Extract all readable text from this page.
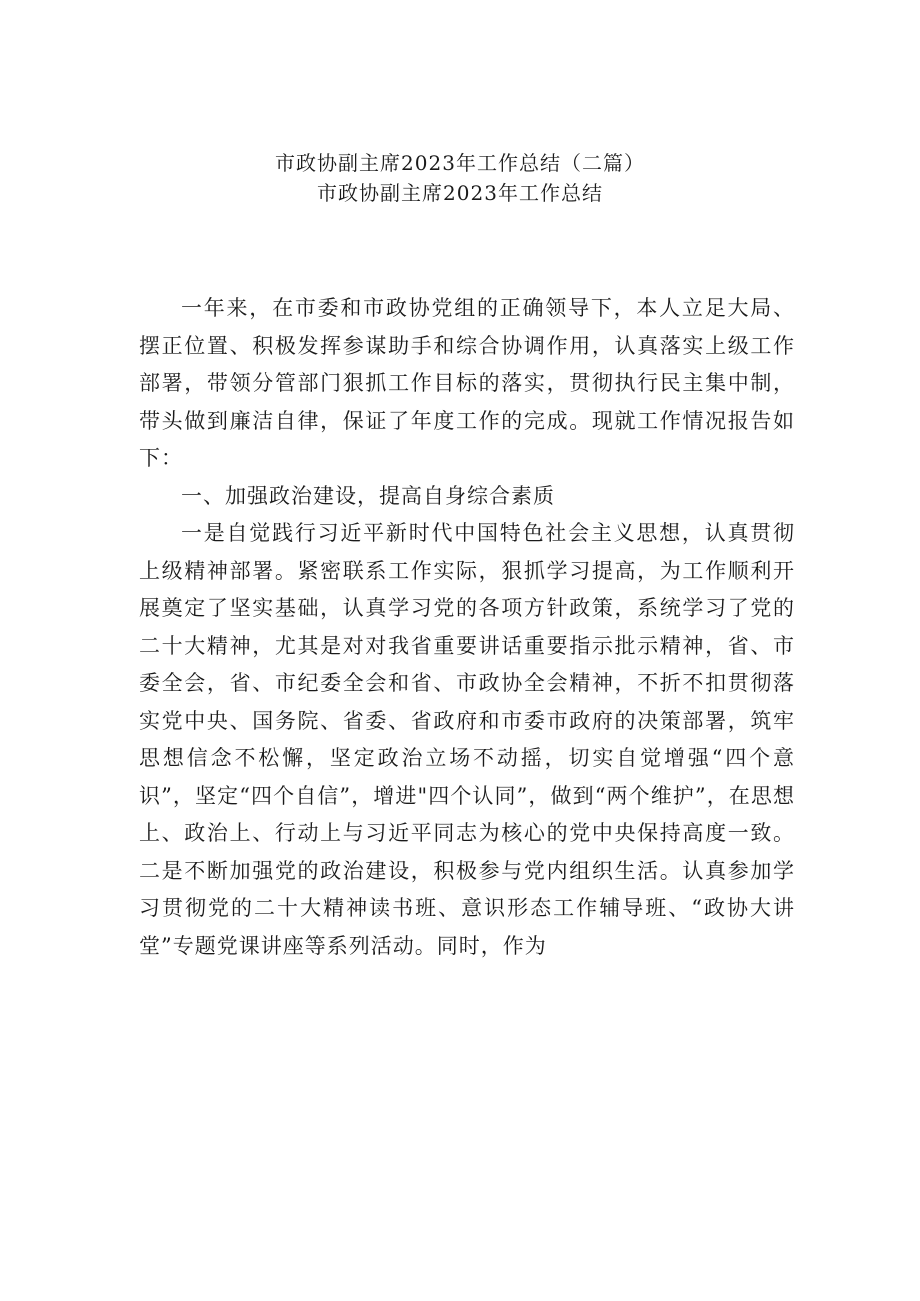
市政协副主席2023年工作总结（二篇）
市政协副主席2023年工作总结

一年来，在市委和市政协党组的正确领导下，本人立足大局、摆正位置、积极发挥参谋助手和综合协调作用，认真落实上级工作部署，带领分管部门狠抓工作目标的落实，贯彻执行民主集中制，带头做到廉洁自律，保证了年度工作的完成。现就工作情况报告如下：

一、加强政治建设，提高自身综合素质

一是自觉践行习近平新时代中国特色社会主义思想，认真贯彻上级精神部署。紧密联系工作实际，狠抓学习提高，为工作顺利开展奠定了坚实基础，认真学习党的各项方针政策，系统学习了党的二十大精神，尤其是对对我省重要讲话重要指示批示精神，省、市委全会，省、市纪委全会和省、市政协全会精神，不折不扣贯彻落实党中央、国务院、省委、省政府和市委市政府的决策部署，筑牢思想信念不松懈，坚定政治立场不动摇，切实自觉增强“四个意识”，坚定“四个自信”，增进"四个认同”，做到“两个维护”，在思想上、政治上、行动上与习近平同志为核心的党中央保持高度一致。二是不断加强党的政治建设，积极参与党内组织生活。认真参加学习贯彻党的二十大精神读书班、意识形态工作辅导班、“政协大讲堂”专题党课讲座等系列活动。同时，作为
